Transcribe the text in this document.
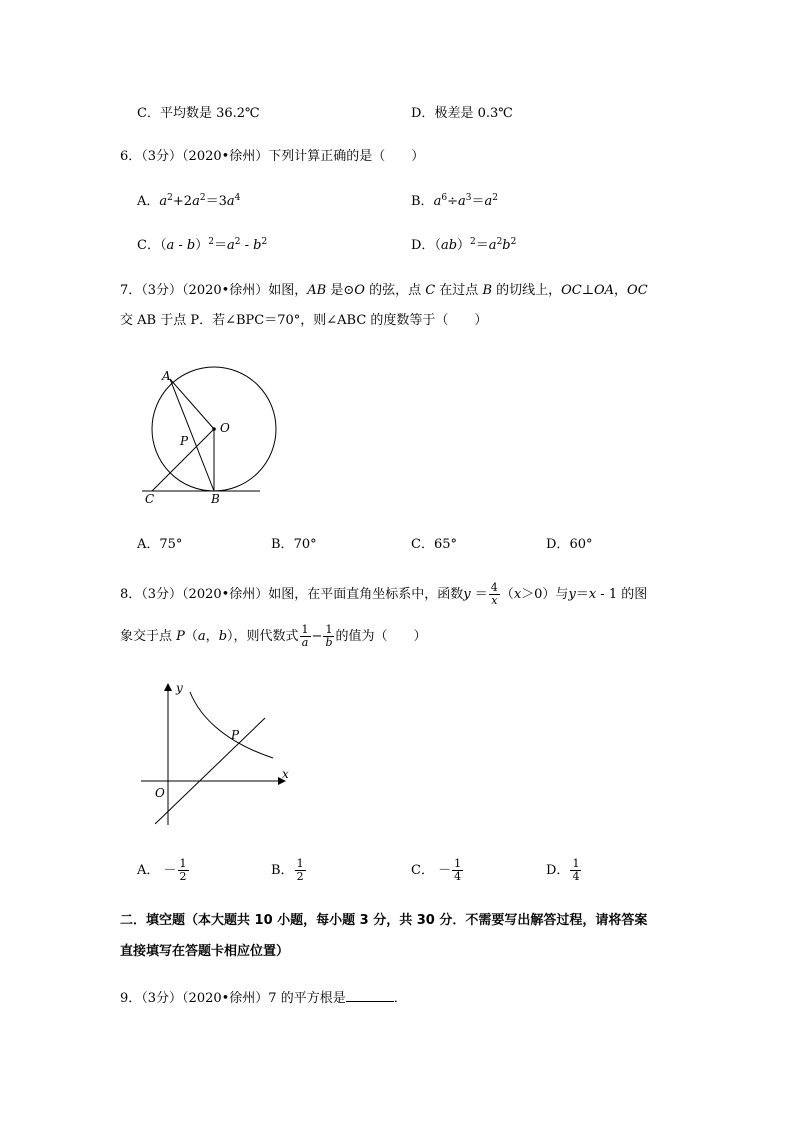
C．平均数是 36.2℃	D．极差是 0.3℃
6．（3分）（2020•徐州）下列计算正确的是（　　）
A．$a^2+2a^2=3a^4$	B．$a^6\div a^3=a^2$
C．$(a - b)^2=a^2 - b^2$	D．$(ab)^2=a^2b^2$
7．（3分）（2020•徐州）如图，AB 是⊙O 的弦，点 C 在过点 B 的切线上，OC⊥OA，OC
交 AB 于点 P．若∠BPC＝70°，则∠ABC 的度数等于（　　）
A
O
P
C	B
A．75°	B．70°	C．65°	D．60°
8．（3分）（2020•徐州）如图，在平面直角坐标系中，函数$y = \frac{4}{x} (x>0)$与y＝x - 1 的图
象交于点 P（a，b），则代数式 $\frac{1}{a} - \frac{1}{b}$ 的值为（　　）
y
x
O
P
A． － $\frac{1}{2}$	B． $\frac{1}{2}$	C． － $\frac{1}{4}$	D． $\frac{1}{4}$
二．填空题（本大题共 10 小题，每小题 3 分，共 30 分．不需要写出解答过程，请将答案
直接填写在答题卡相应位置）
9．（3分）（2020•徐州）7 的平方根是	．
